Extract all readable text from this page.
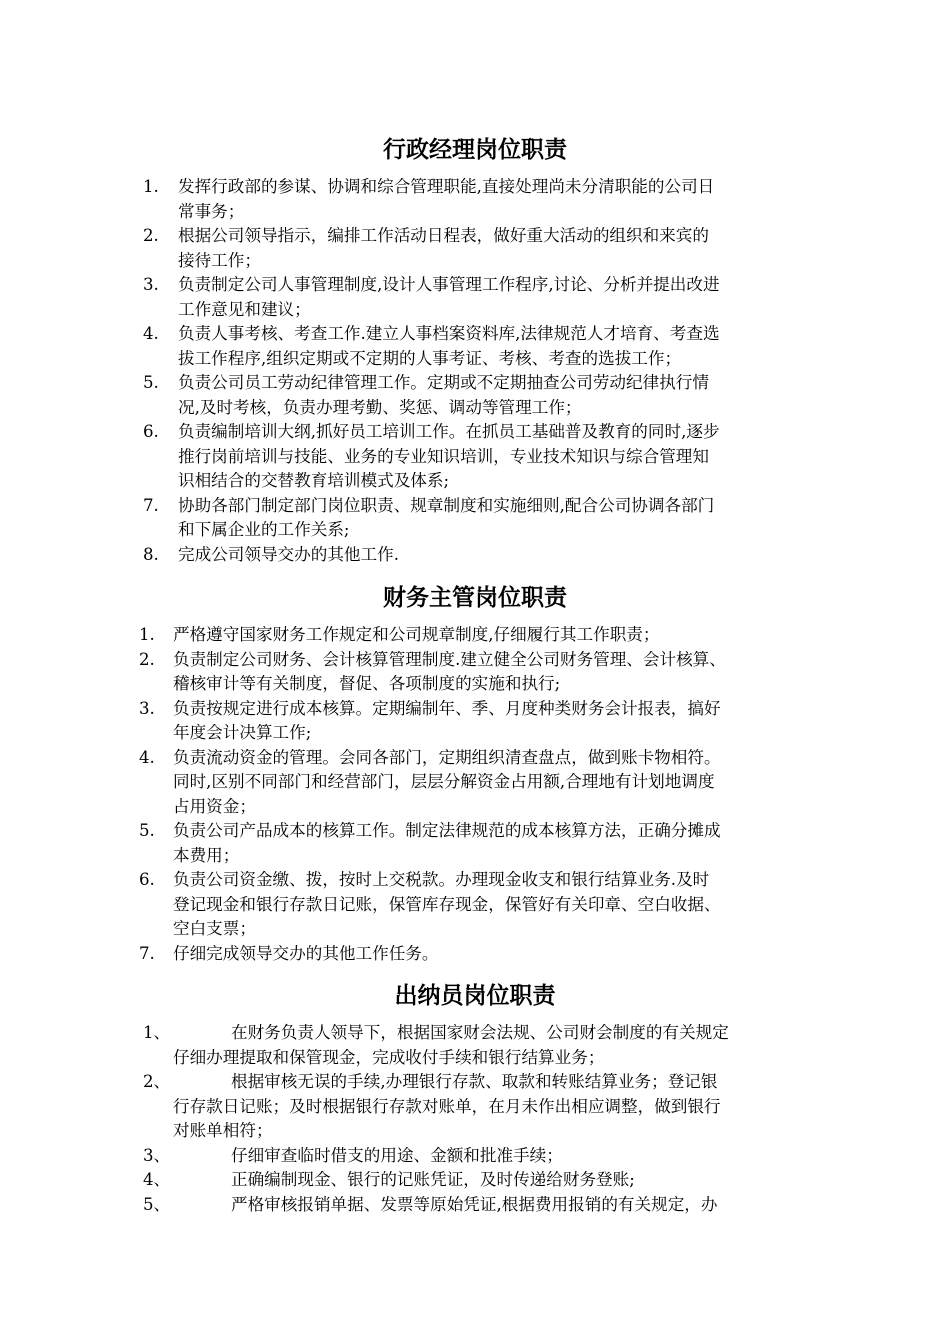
行政经理岗位职责
1.	发挥行政部的参谋、协调和综合管理职能,直接处理尚未分清职能的公司日
常事务；
2.	根据公司领导指示，编排工作活动日程表，做好重大活动的组织和来宾的
接待工作；
3.	负责制定公司人事管理制度,设计人事管理工作程序,讨论、分析并提出改进
工作意见和建议；
4.	负责人事考核、考查工作.建立人事档案资料库,法律规范人才培育、考查选
拔工作程序,组织定期或不定期的人事考证、考核、考查的选拔工作；
5.	负责公司员工劳动纪律管理工作。定期或不定期抽查公司劳动纪律执行情
况,及时考核，负责办理考勤、奖惩、调动等管理工作；
6.	负责编制培训大纲,抓好员工培训工作。在抓员工基础普及教育的同时,逐步
推行岗前培训与技能、业务的专业知识培训，专业技术知识与综合管理知
识相结合的交替教育培训模式及体系;
7.	协助各部门制定部门岗位职责、规章制度和实施细则,配合公司协调各部门
和下属企业的工作关系;
8.	完成公司领导交办的其他工作.
财务主管岗位职责
1.	严格遵守国家财务工作规定和公司规章制度,仔细履行其工作职责；
2.	负责制定公司财务、会计核算管理制度.建立健全公司财务管理、会计核算、
稽核审计等有关制度，督促、各项制度的实施和执行;
3.	负责按规定进行成本核算。定期编制年、季、月度种类财务会计报表，搞好
年度会计决算工作;
4.	负责流动资金的管理。会同各部门，定期组织清查盘点，做到账卡物相符。
同时,区别不同部门和经营部门，层层分解资金占用额,合理地有计划地调度
占用资金；
5.	负责公司产品成本的核算工作。制定法律规范的成本核算方法，正确分摊成
本费用；
6.	负责公司资金缴、拨，按时上交税款。办理现金收支和银行结算业务.及时
登记现金和银行存款日记账，保管库存现金，保管好有关印章、空白收据、
空白支票；
7.	仔细完成领导交办的其他工作任务。
出纳员岗位职责
1、	在财务负责人领导下，根据国家财会法规、公司财会制度的有关规定
仔细办理提取和保管现金，完成收付手续和银行结算业务；
2、	根据审核无误的手续,办理银行存款、取款和转账结算业务；登记银
行存款日记账；及时根据银行存款对账单，在月未作出相应调整，做到银行
对账单相符；
3、	仔细审查临时借支的用途、金额和批准手续；
4、	正确编制现金、银行的记账凭证，及时传递给财务登账;
5、	严格审核报销单据、发票等原始凭证,根据费用报销的有关规定，办
